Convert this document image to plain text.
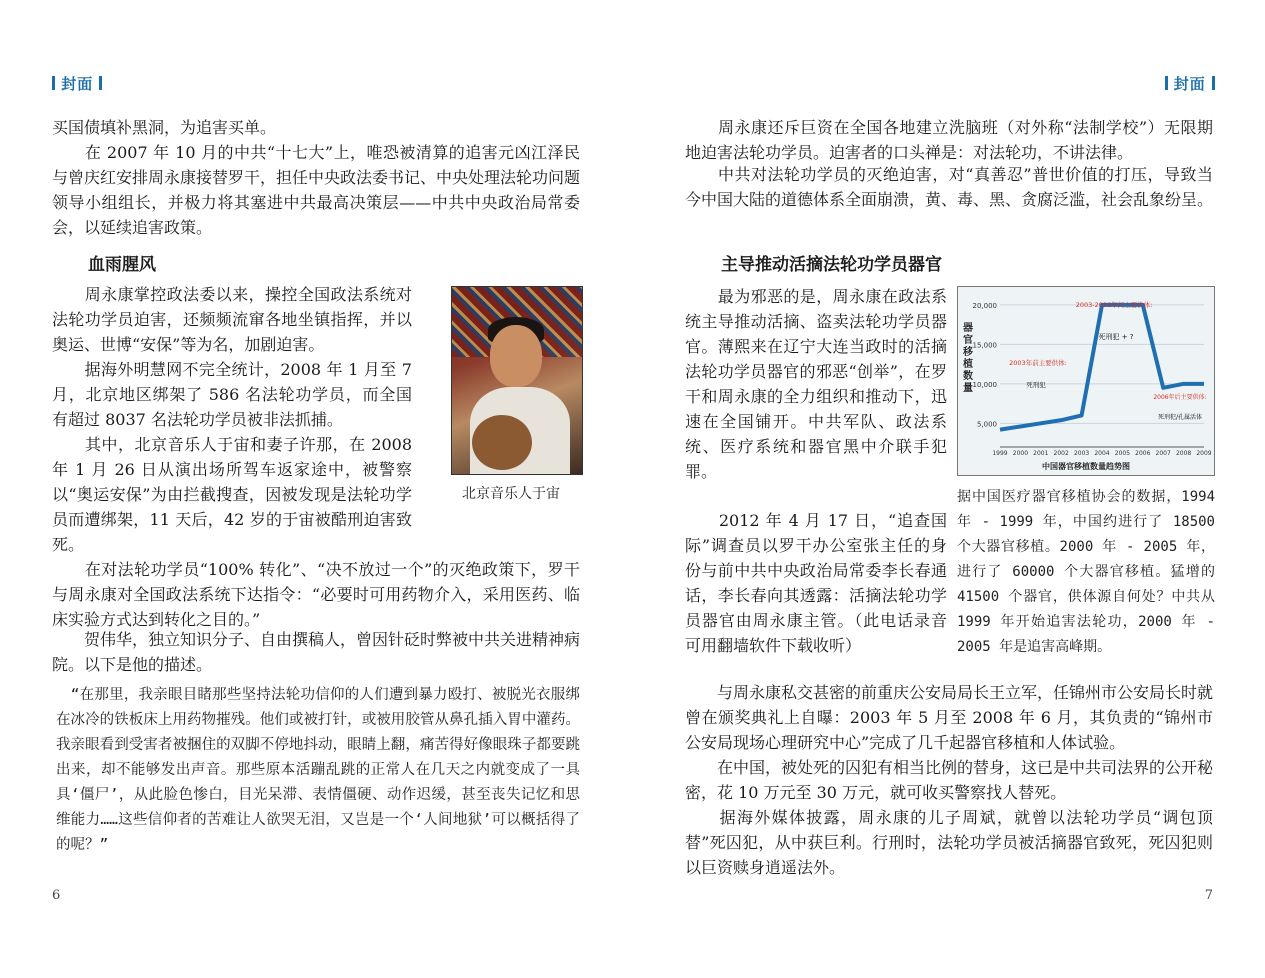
封面

买国债填补黑洞，为追害买单。

　　在 2007 年 10 月的中共“十七大”上，唯恐被清算的追害元凶江泽民与曾庆红安排周永康接替罗干，担任中央政法委书记、中央处理法轮功问题领导小组组长，并极力将其塞进中共最高决策层——中共中央政治局常委会，以延续追害政策。

血雨腥风

　　周永康掌控政法委以来，操控全国政法系统对法轮功学员迫害，还频频流窜各地坐镇指挥，并以奥运、世博“安保”等为名，加剧迫害。

　　据海外明慧网不完全统计，2008 年 1 月至 7 月，北京地区绑架了 586 名法轮功学员，而全国有超过 8037 名法轮功学员被非法抓捕。

　　其中，北京音乐人于宙和妻子许那，在 2008 年 1 月 26 日从演出场所驾车返家途中，被警察以“奥运安保”为由拦截搜查，因被发现是法轮功学员而遭绑架，11 天后，42 岁的于宙被酷刑迫害致死。

北京音乐人于宙

　　在对法轮功学员“100% 转化”、“决不放过一个”的灭绝政策下，罗干与周永康对全国政法系统下达指令：“必要时可用药物介入，采用医药、临床实验方式达到转化之目的。”

　　贺伟华，独立知识分子、自由撰稿人，曾因针砭时弊被中共关进精神病院。以下是他的描述。

　“在那里，我亲眼目睹那些坚持法轮功信仰的人们遭到暴力殴打、被脱光衣服绑在冰冷的铁板床上用药物摧残。他们或被打针，或被用胶管从鼻孔插入胃中灌药。我亲眼看到受害者被捆住的双脚不停地抖动，眼睛上翻，痛苦得好像眼珠子都要跳出来，却不能够发出声音。那些原本活蹦乱跳的正常人在几天之内就变成了一具具‘僵尸’，从此脸色惨白，目光呆滞、表情僵硬、动作迟缓，甚至丧失记忆和思维能力……这些信仰者的苦难让人欲哭无泪，又岂是一个‘人间地狱’可以概括得了的呢？”

6
封面

　　周永康还斥巨资在全国各地建立洗脑班（对外称“法制学校”）无限期地迫害法轮功学员。迫害者的口头禅是：对法轮功，不讲法律。

　　中共对法轮功学员的灭绝迫害，对“真善忍”普世价值的打压，导致当今中国大陆的道德体系全面崩溃，黄、毒、黑、贪腐泛滥，社会乱象纷呈。

主导推动活摘法轮功学员器官

　　最为邪恶的是，周永康在政法系统主导推动活摘、盗卖法轮功学员器官。薄熙来在辽宁大连当政时的活摘法轮功学员器官的邪恶“创举”，在罗干和周永康的全力组织和推动下，迅速在全国铺开。中共军队、政法系统、医疗系统和器官黑中介联手犯罪。

　　2012 年 4 月 17 日，“追查国际”调查员以罗干办公室张主任的身份与前中共中央政治局常委李长春通话，李长春向其透露：活摘法轮功学员器官由周永康主管。（此电话录音可用翻墙软件下载收听）

器官移植数量
5,000
10,000
15,000
20,000
1999 2000 2001 2002 2003 2004 2005 2006 2007 2008 2009
中国器官移植数量趋势图
2003年前主要供体:
死刑犯
2003-2006年间主要供体:
死刑犯 + ?
2006年后主要供体:
死刑犯/孔属活体

据中国医疗器官移植协会的数据，1994 年 - 1999 年，中国约进行了 18500 个大器官移植。2000 年 - 2005 年，进行了 60000 个大器官移植。猛增的 41500 个器官，供体源自何处？中共从 1999 年开始追害法轮功，2000 年 - 2005 年是追害高峰期。

　　与周永康私交甚密的前重庆公安局局长王立军，任锦州市公安局长时就曾在颁奖典礼上自曝：2003 年 5 月至 2008 年 6 月，其负责的“锦州市公安局现场心理研究中心”完成了几千起器官移植和人体试验。

　　在中国，被处死的囚犯有相当比例的替身，这已是中共司法界的公开秘密，花 10 万元至 30 万元，就可收买警察找人替死。

　　据海外媒体披露，周永康的儿子周斌，就曾以法轮功学员“调包顶替”死囚犯，从中获巨利。行刑时，法轮功学员被活摘器官致死，死囚犯则以巨资赎身逍遥法外。

7
